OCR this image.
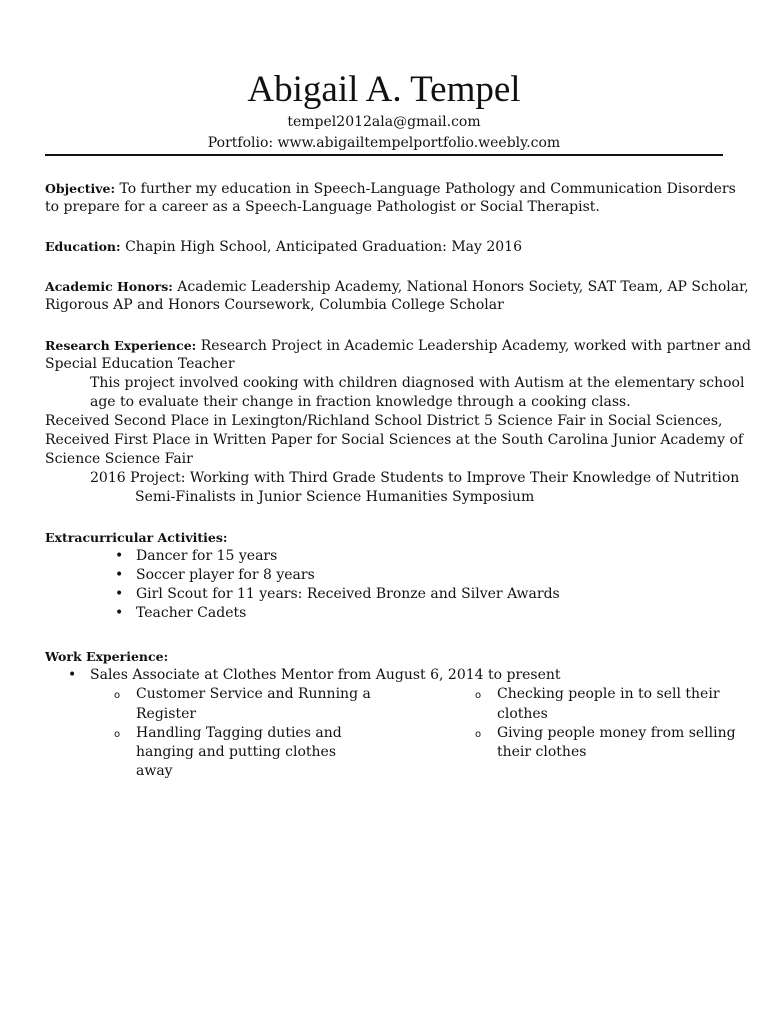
Abigail A. Tempel
tempel2012ala@gmail.com
Portfolio: www.abigailtempelportfolio.weebly.com
Objective: To further my education in Speech-Language Pathology and Communication Disorders
to prepare for a career as a Speech-Language Pathologist or Social Therapist.
Education: Chapin High School, Anticipated Graduation: May 2016
Academic Honors: Academic Leadership Academy, National Honors Society, SAT Team, AP Scholar,
Rigorous AP and Honors Coursework, Columbia College Scholar
Research Experience: Research Project in Academic Leadership Academy, worked with partner and
Special Education Teacher
This project involved cooking with children diagnosed with Autism at the elementary school
age to evaluate their change in fraction knowledge through a cooking class.
Received Second Place in Lexington/Richland School District 5 Science Fair in Social Sciences,
Received First Place in Written Paper for Social Sciences at the South Carolina Junior Academy of
Science Science Fair
2016 Project: Working with Third Grade Students to Improve Their Knowledge of Nutrition
Semi-Finalists in Junior Science Humanities Symposium
Extracurricular Activities:
• Dancer for 15 years
• Soccer player for 8 years
• Girl Scout for 11 years: Received Bronze and Silver Awards
• Teacher Cadets
Work Experience:
• Sales Associate at Clothes Mentor from August 6, 2014 to present
o Customer Service and Running a
Register
o Handling Tagging duties and
hanging and putting clothes
away
o Checking people in to sell their
clothes
o Giving people money from selling
their clothes
